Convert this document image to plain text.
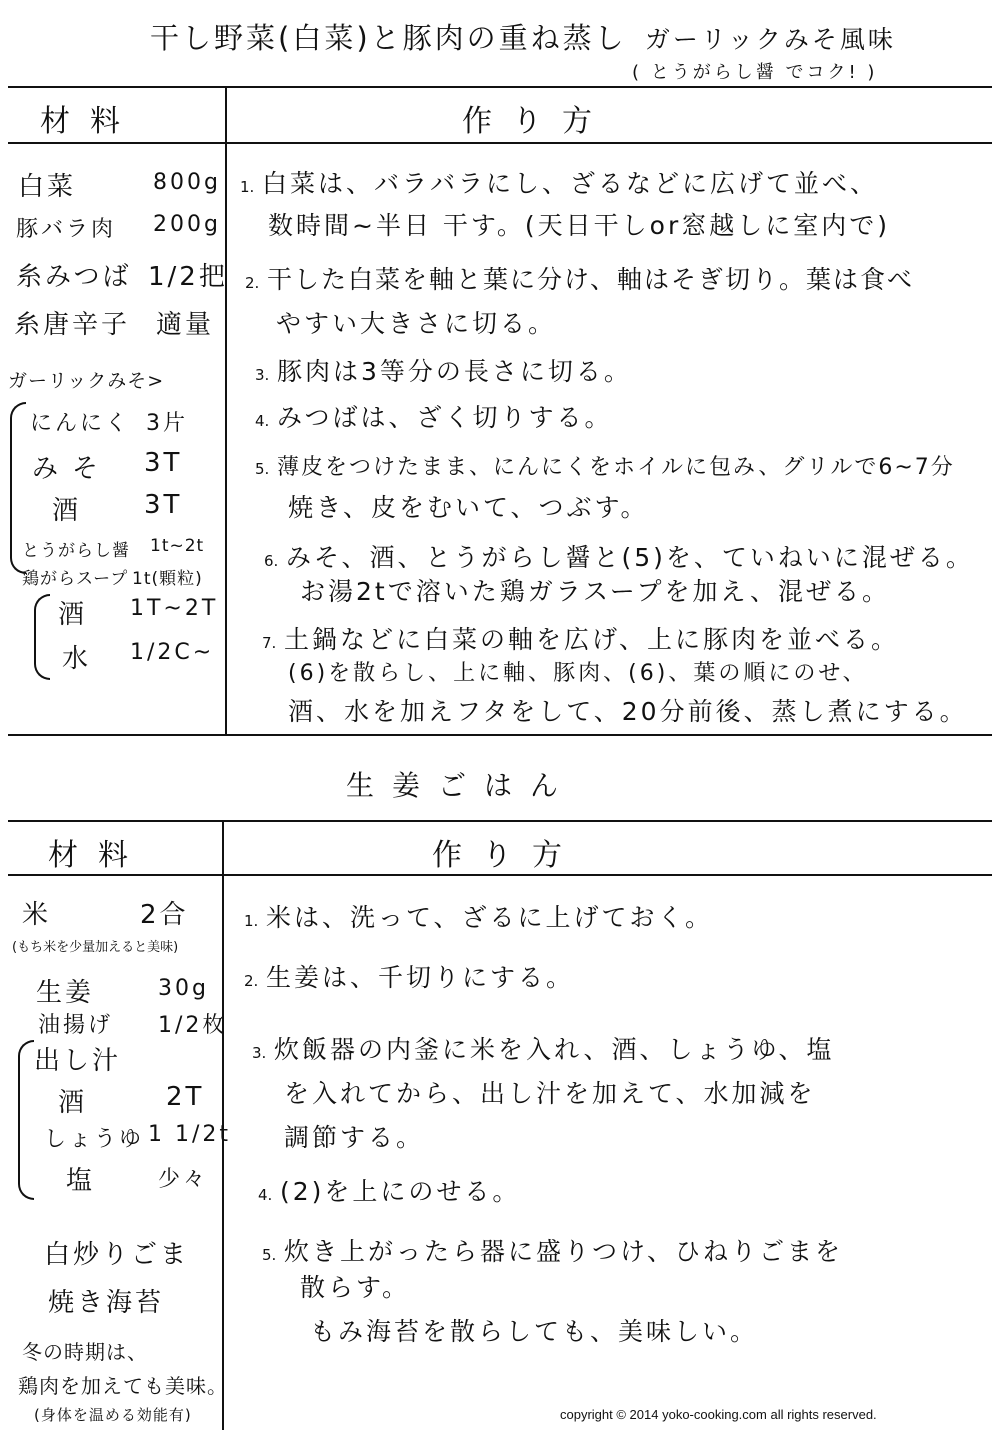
干し野菜(白菜)と豚肉の重ね蒸し ガーリックみそ風味
( とうがらし醤 でコク! )
材料	作り方
白菜	800g
豚バラ肉 200g
糸みつば 1/2把
糸唐辛子 適量
ガーリックみそ>
にんにく 3片
みそ 3T
酒 3T
とうがらし醤 1t~2t
鶏がらスープ 1t(顆粒)
酒 1T~2T
水 1/2C~
1. 白菜は、バラバラにし、ざるなどに広げて並べ、
数時間~半日 干す。(天日干しor窓越しに室内で)
2. 干した白菜を軸と葉に分け、軸はそぎ切り。葉は食べ
やすい大きさに切る。
3. 豚肉は3等分の長さに切る。
4. みつばは、ざく切りする。
5. 薄皮をつけたまま、にんにくをホイルに包み、グリルで6~7分
焼き、皮をむいて、つぶす。
6. みそ、酒、とうがらし醤と(5)を、ていねいに混ぜる。
お湯2tで溶いた鶏ガラスープを加え、混ぜる。
7. 土鍋などに白菜の軸を広げ、上に豚肉を並べる。
(6)を散らし、上に軸、豚肉、(6)、葉の順にのせ、
酒、水を加えフタをして、20分前後、蒸し煮にする。
生姜ごはん
材料	作り方
米	2合
(もち米を少量加えると美味)
生姜	30g
油揚げ 1/2枚
出し汁
酒	2T
しょうゆ 1 1/2t
塩	少々
白炒りごま
焼き海苔
冬の時期は、
鶏肉を加えても美味。
(身体を温める効能有)
1. 米は、洗って、ざるに上げておく。
2. 生姜は、千切りにする。
3. 炊飯器の内釜に米を入れ、酒、しょうゆ、塩
を入れてから、出し汁を加えて、水加減を
調節する。
4. (2)を上にのせる。
5. 炊き上がったら器に盛りつけ、ひねりごまを
散らす。
もみ海苔を散らしても、美味しい。
copyright © 2014 yoko-cooking.com all rights reserved.
